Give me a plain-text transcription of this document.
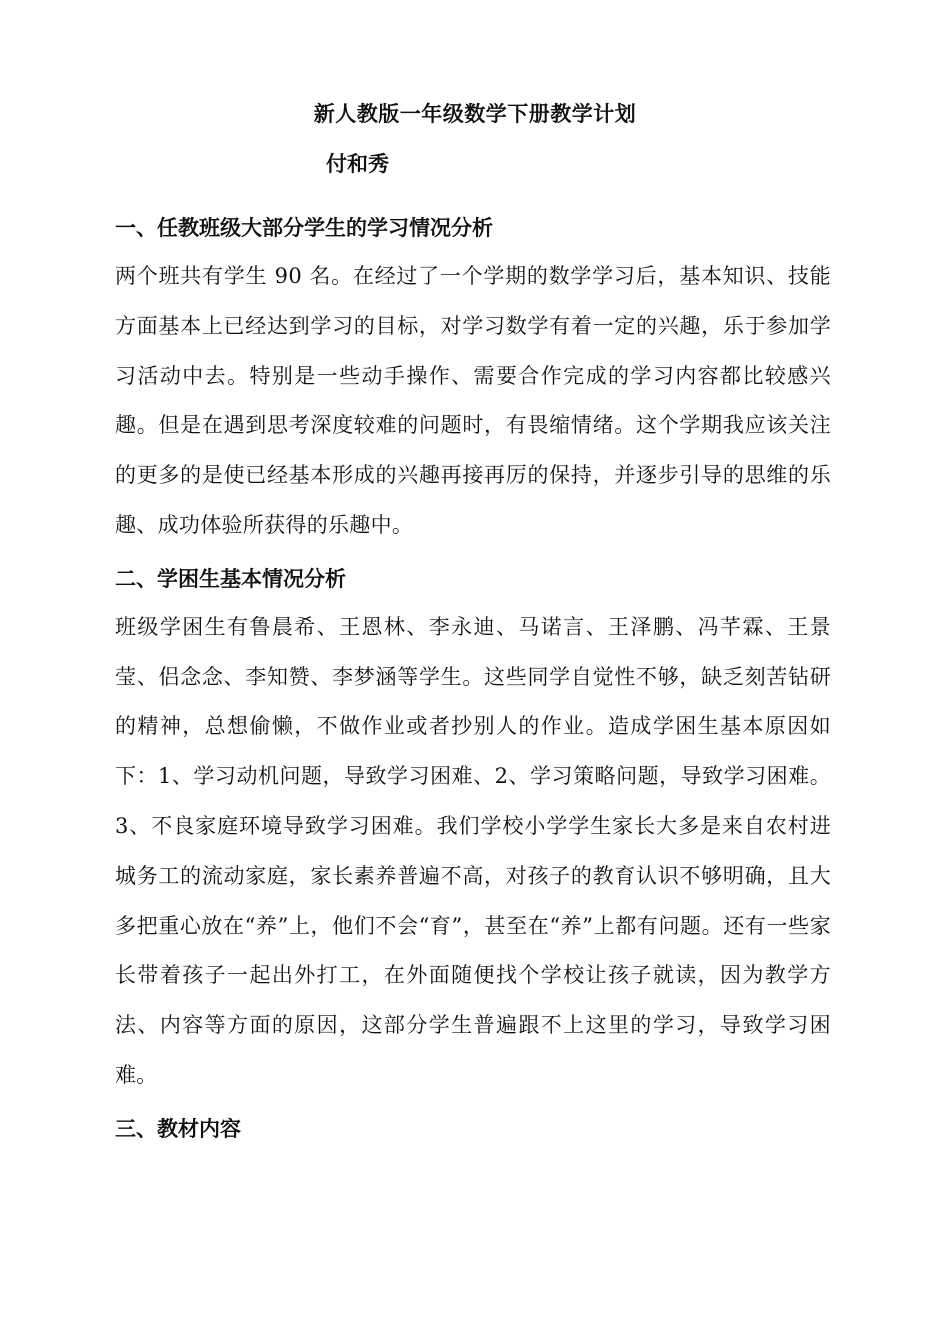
新人教版一年级数学下册教学计划
付和秀
一、任教班级大部分学生的学习情况分析

两个班共有学生 90 名。在经过了一个学期的数学学习后，基本知识、技能方面基本上已经达到学习的目标，对学习数学有着一定的兴趣，乐于参加学习活动中去。特别是一些动手操作、需要合作完成的学习内容都比较感兴趣。但是在遇到思考深度较难的问题时，有畏缩情绪。这个学期我应该关注的更多的是使已经基本形成的兴趣再接再厉的保持，并逐步引导的思维的乐趣、成功体验所获得的乐趣中。

二、学困生基本情况分析

班级学困生有鲁晨希、王恩林、李永迪、马诺言、王泽鹏、冯芊霖、王景莹、侣念念、李知赞、李梦涵等学生。这些同学自觉性不够，缺乏刻苦钻研的精神，总想偷懒，不做作业或者抄别人的作业。造成学困生基本原因如下：1、学习动机问题，导致学习困难、2、学习策略问题，导致学习困难。3、不良家庭环境导致学习困难。我们学校小学学生家长大多是来自农村进城务工的流动家庭，家长素养普遍不高，对孩子的教育认识不够明确，且大多把重心放在“养”上，他们不会“育”，甚至在“养”上都有问题。还有一些家长带着孩子一起出外打工，在外面随便找个学校让孩子就读，因为教学方法、内容等方面的原因，这部分学生普遍跟不上这里的学习，导致学习困难。

三、教材内容
